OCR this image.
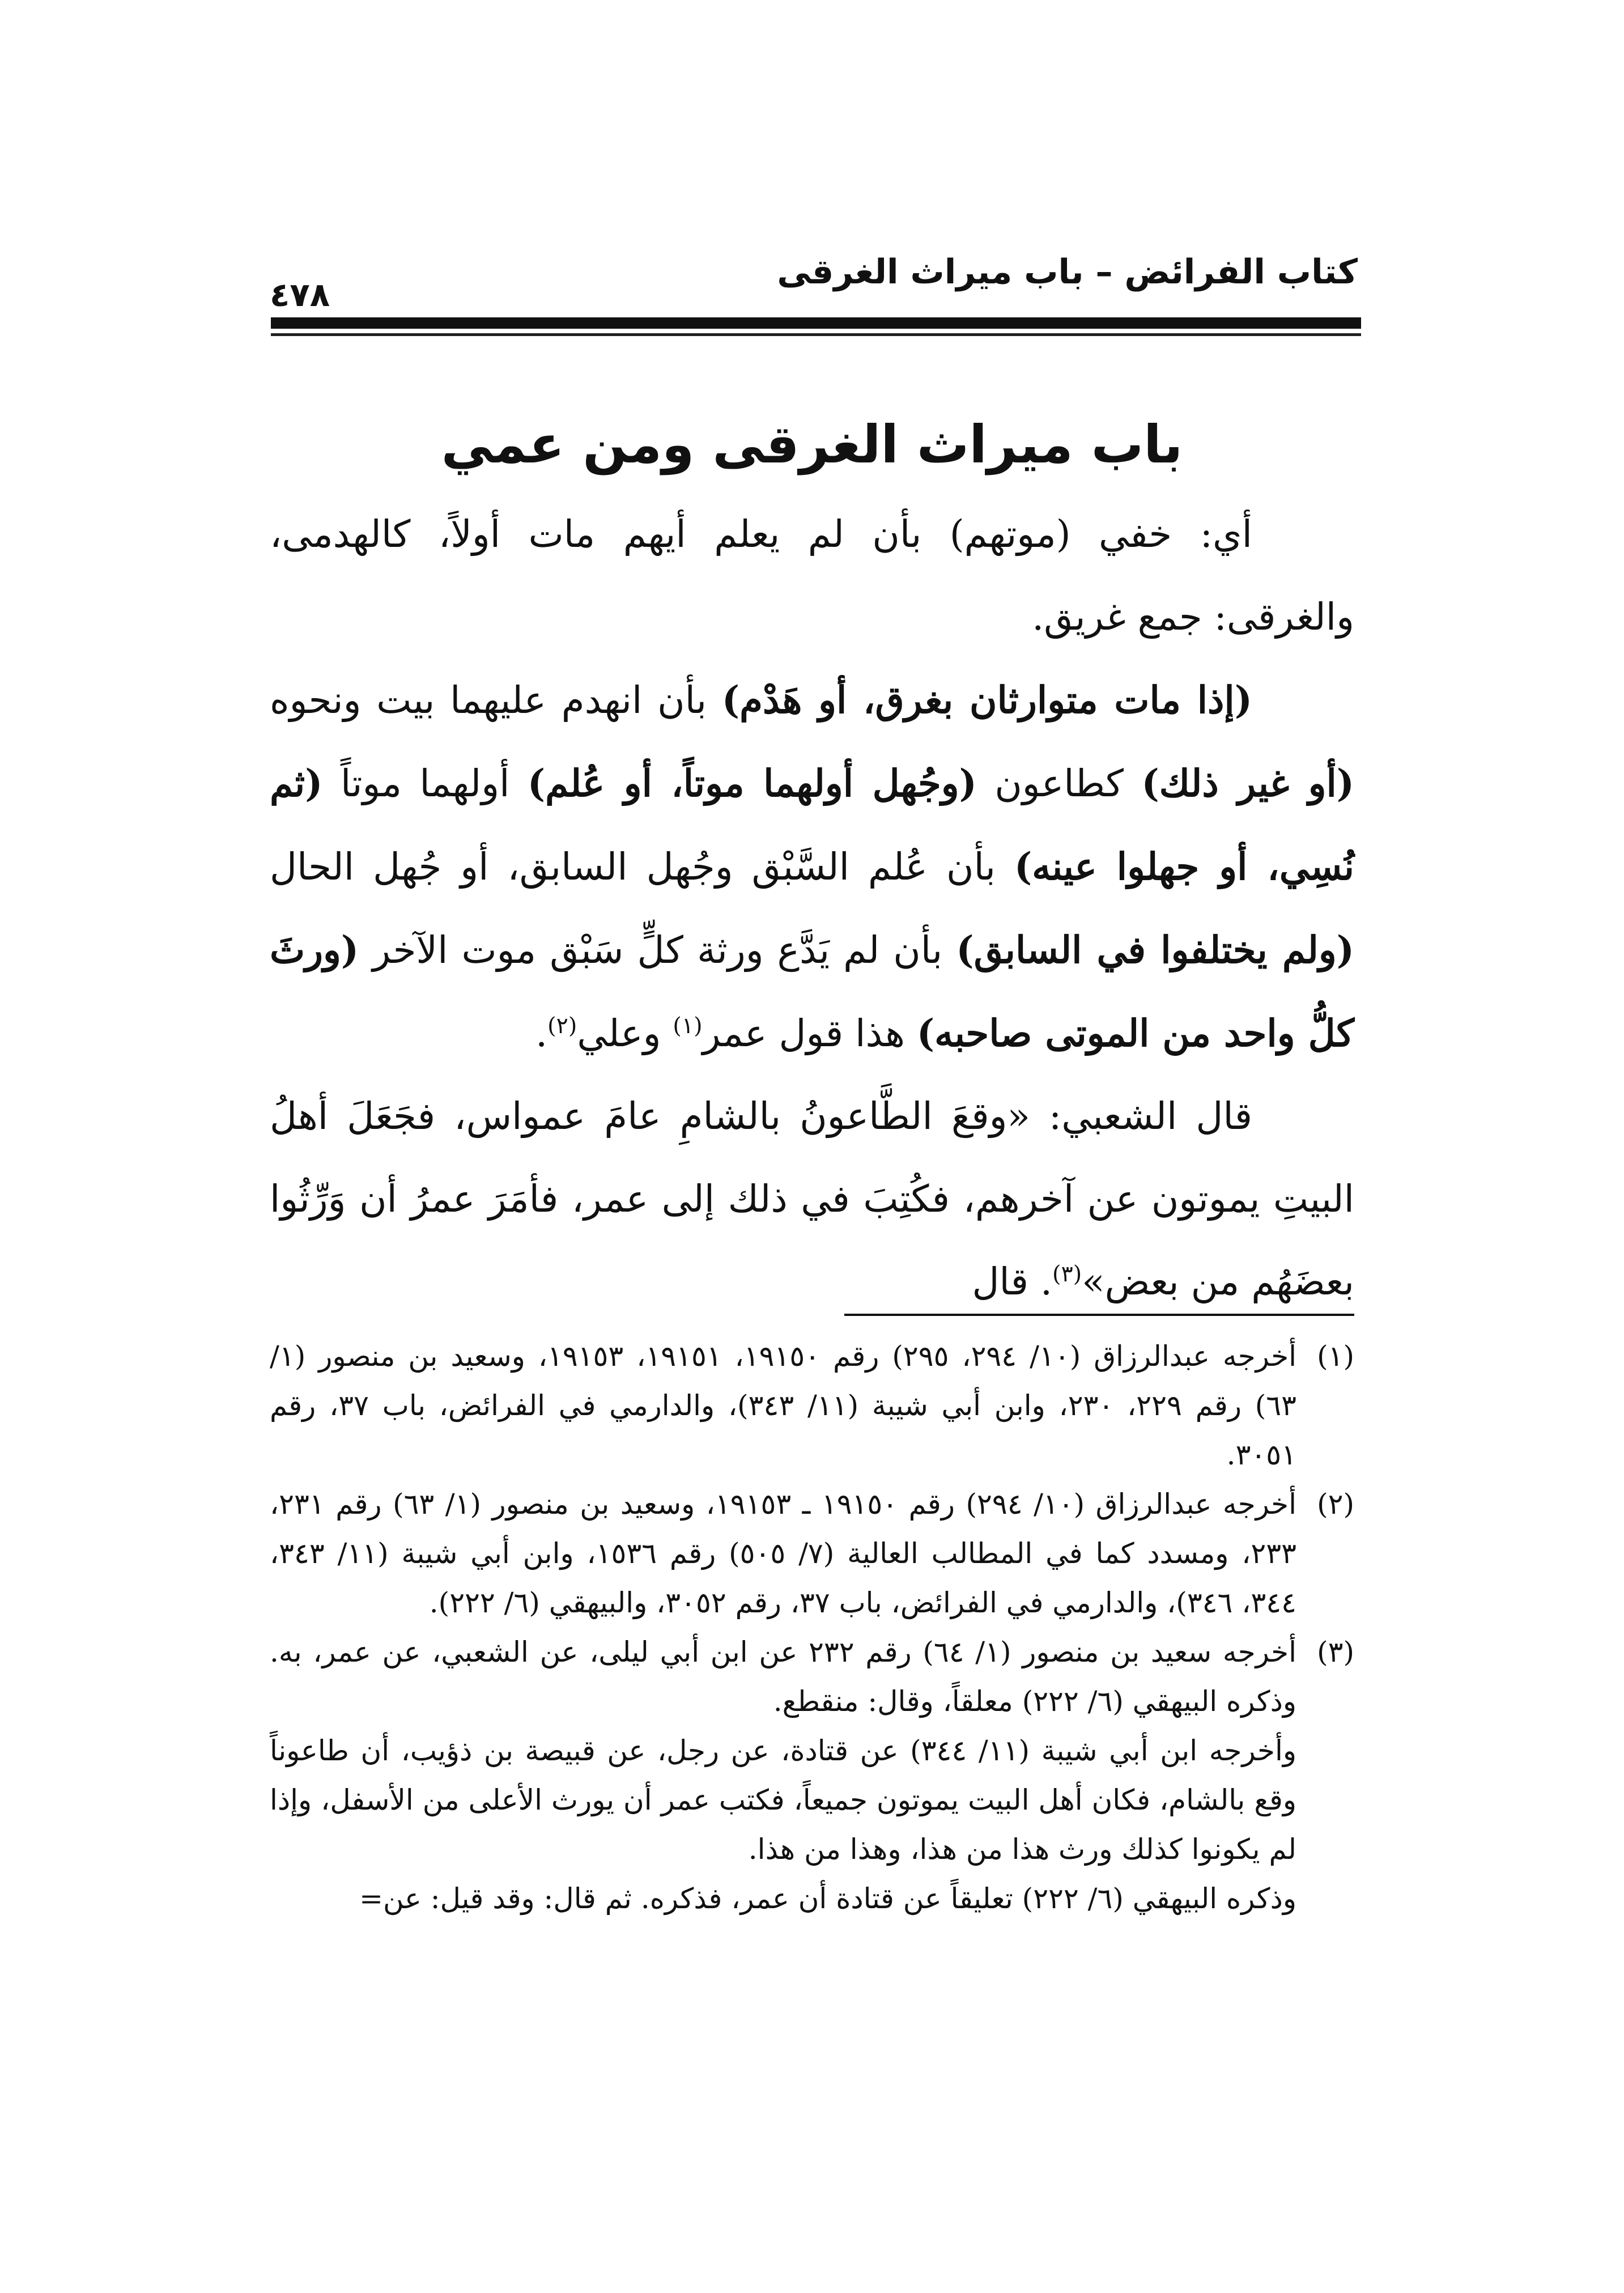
كتاب الفرائض – باب ميراث الغرقى
٤٧٨
باب ميراث الغرقى ومن عمي

أي: خفي (موتهم) بأن لم يعلم أيهم مات أولاً، كالهدمى، والغرقى: جمع غريق.

(إذا مات متوارثان بغرق، أو هَدْم) بأن انهدم عليهما بيت ونحوه (أو غير ذلك) كطاعون (وجُهل أولهما موتاً، أو عُلم) أولهما موتاً (ثم نُسِي، أو جهلوا عينه) بأن عُلم السَّبْق وجُهل السابق، أو جُهل الحال (ولم يختلفوا في السابق) بأن لم يَدَّع ورثة كلٍّ سَبْق موت الآخر (ورثَ كلُّ واحد من الموتى صاحبه) هذا قول عمر$^{(١)}$ وعلي$^{(٢)}$.

قال الشعبي: «وقعَ الطَّاعونُ بالشامِ عامَ عمواس، فجَعَلَ أهلُ البيتِ يموتون عن آخرهم، فكُتِبَ في ذلك إلى عمر، فأمَرَ عمرُ أن وَرِّثُوا بعضَهُم من بعض»$^{(٣)}$. قال

(١)

أخرجه عبدالرزاق (١٠/ ٢٩٤، ٢٩٥) رقم ١٩١٥٠، ١٩١٥١، ١٩١٥٣، وسعيد بن منصور (١/ ٦٣) رقم ٢٢٩، ٢٣٠، وابن أبي شيبة (١١/ ٣٤٣)، والدارمي في الفرائض، باب ٣٧، رقم ٣٠٥١.

(٢)

أخرجه عبدالرزاق (١٠/ ٢٩٤) رقم ١٩١٥٠ ـ ١٩١٥٣، وسعيد بن منصور (١/ ٦٣) رقم ٢٣١، ٢٣٣، ومسدد كما في المطالب العالية (٧/ ٥٠٥) رقم ١٥٣٦، وابن أبي شيبة (١١/ ٣٤٣، ٣٤٤، ٣٤٦)، والدارمي في الفرائض، باب ٣٧، رقم ٣٠٥٢، والبيهقي (٦/ ٢٢٢).

(٣)

أخرجه سعيد بن منصور (١/ ٦٤) رقم ٢٣٢ عن ابن أبي ليلى، عن الشعبي، عن عمر، به. وذكره البيهقي (٦/ ٢٢٢) معلقاً، وقال: منقطع.

وأخرجه ابن أبي شيبة (١١/ ٣٤٤) عن قتادة، عن رجل، عن قبيصة بن ذؤيب، أن طاعوناً وقع بالشام، فكان أهل البيت يموتون جميعاً، فكتب عمر أن يورث الأعلى من الأسفل، وإذا لم يكونوا كذلك ورث هذا من هذا، وهذا من هذا.

وذكره البيهقي (٦/ ٢٢٢) تعليقاً عن قتادة أن عمر، فذكره. ثم قال: وقد قيل: عن=
